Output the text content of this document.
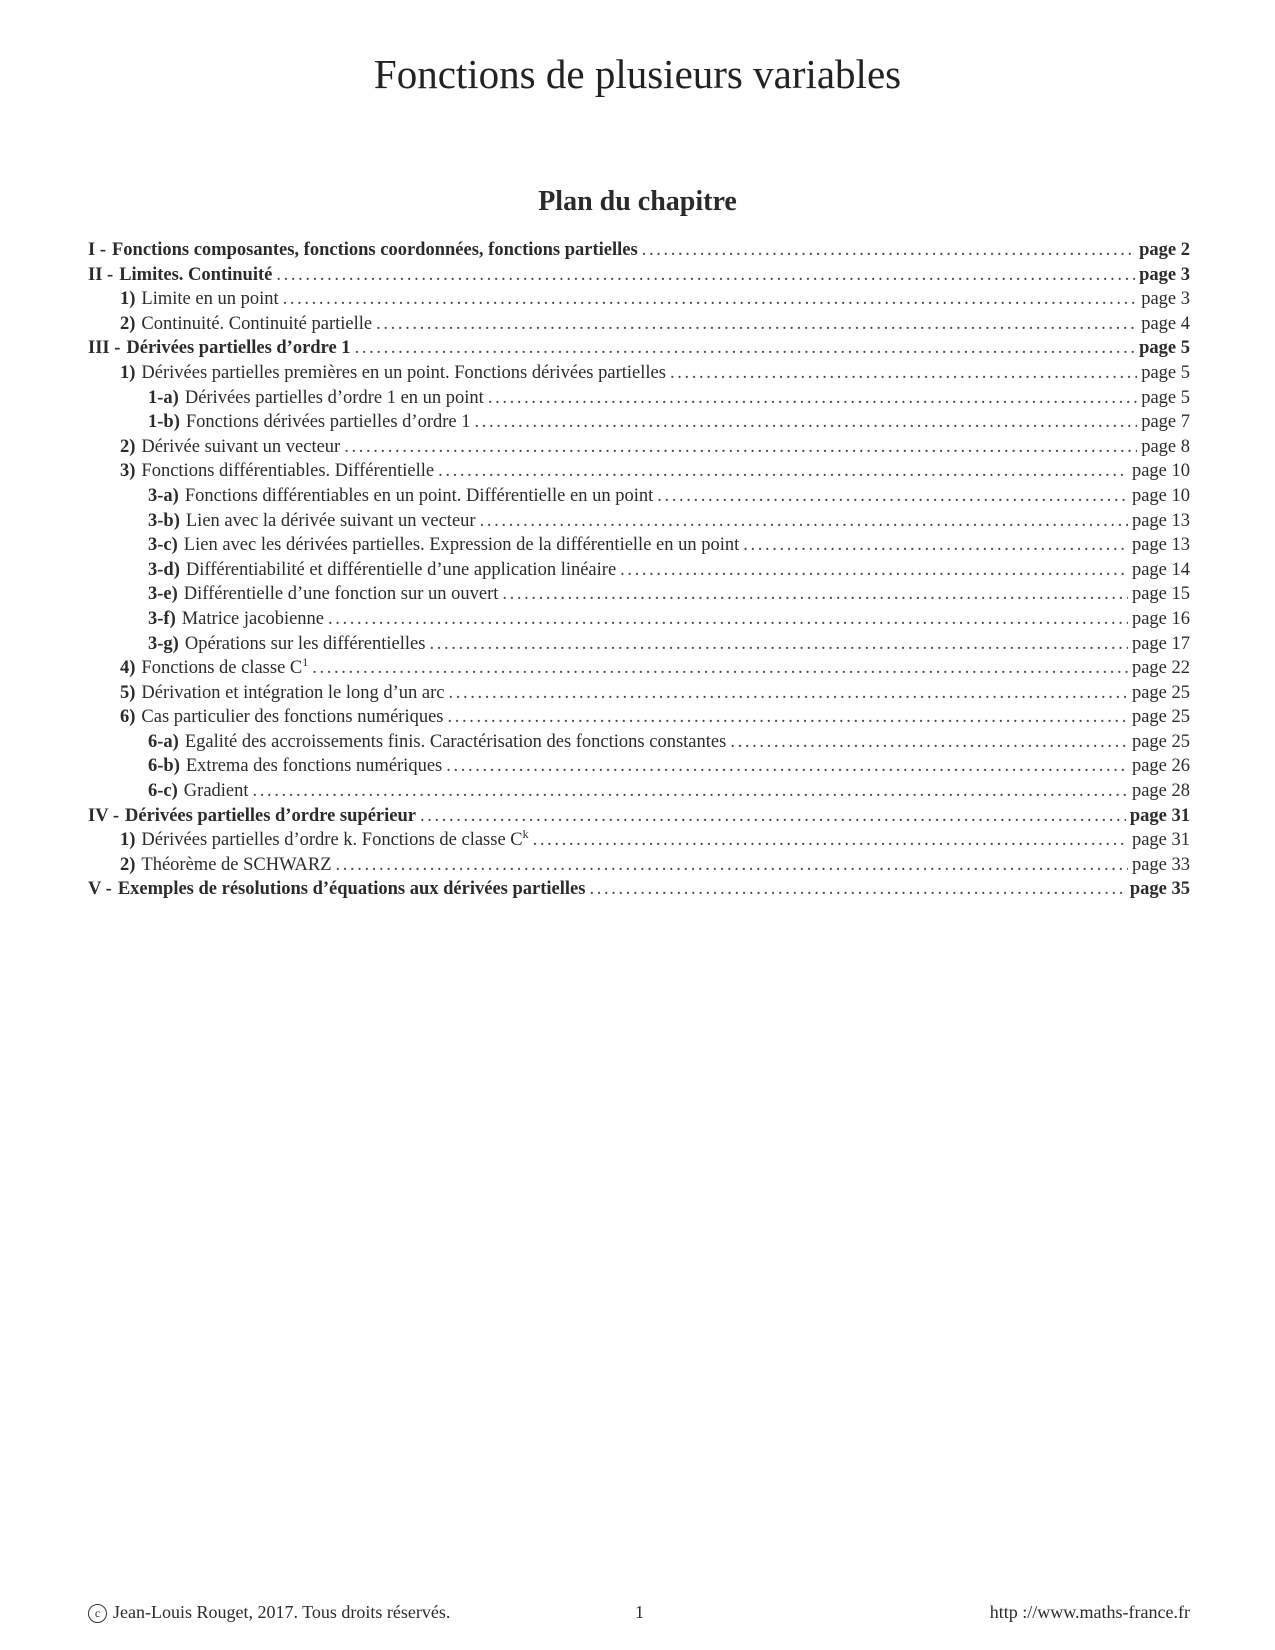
Fonctions de plusieurs variables
Plan du chapitre
I - Fonctions composantes, fonctions coordonnées, fonctions partielles . . .	page 2
II - Limites. Continuité . . .	page 3
1) Limite en un point . . .	page 3
2) Continuité. Continuité partielle . . .	page 4
III - Dérivées partielles d’ordre 1 . . .	page 5
1) Dérivées partielles premières en un point. Fonctions dérivées partielles . . .	page 5
1-a) Dérivées partielles d’ordre 1 en un point . . .	page 5
1-b) Fonctions dérivées partielles d’ordre 1 . . .	page 7
2) Dérivée suivant un vecteur . . .	page 8
3) Fonctions différentiables. Différentielle . . .	page 10
3-a) Fonctions différentiables en un point. Différentielle en un point . . .	page 10
3-b) Lien avec la dérivée suivant un vecteur . . .	page 13
3-c) Lien avec les dérivées partielles. Expression de la différentielle en un point . . .	page 13
3-d) Différentiabilité et différentielle d’une application linéaire . . .	page 14
3-e) Différentielle d’une fonction sur un ouvert . . .	page 15
3-f) Matrice jacobienne . . .	page 16
3-g) Opérations sur les différentielles . . .	page 17
4) Fonctions de classe $C^1$ . . .	page 22
5) Dérivation et intégration le long d’un arc . . .	page 25
6) Cas particulier des fonctions numériques . . .	page 25
6-a) Egalité des accroissements finis. Caractérisation des fonctions constantes . . .	page 25
6-b) Extrema des fonctions numériques . . .	page 26
6-c) Gradient . . .	page 28
IV - Dérivées partielles d’ordre supérieur . . .	page 31
1) Dérivées partielles d’ordre k. Fonctions de classe $C^k$ . . .	page 31
2) Théorème de SCHWARZ . . .	page 33
V - Exemples de résolutions d’équations aux dérivées partielles . . .	page 35
c Jean-Louis Rouget, 2017. Tous droits réservés.	1	http ://www.maths-france.fr
